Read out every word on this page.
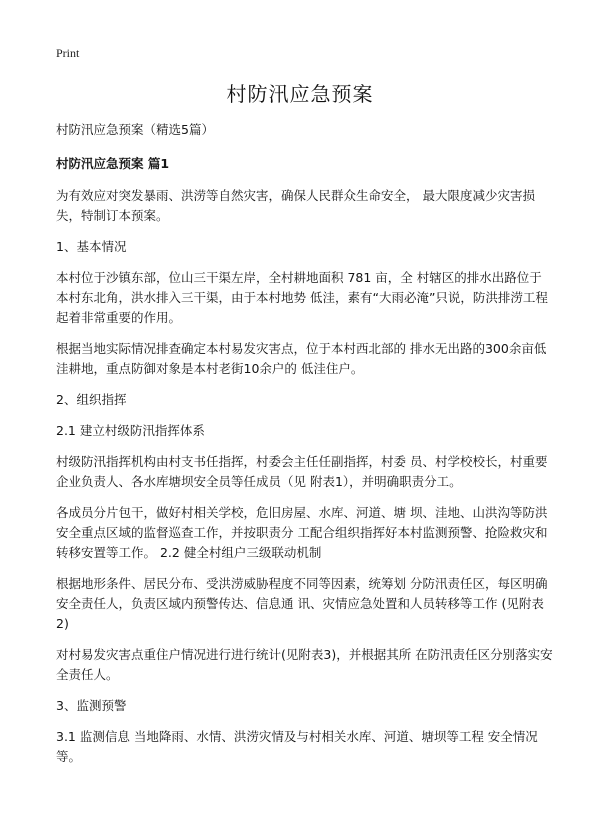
Print
村防汛应急预案
村防汛应急预案（精选5篇）
村防汛应急预案 篇1
为有效应对突发暴雨、洪涝等自然灾害，确保人民群众生命安全， 最大限度减少灾害损失，特制订本预案。
1、基本情况
本村位于沙镇东部，位山三干渠左岸，全村耕地面积 781 亩，全 村辖区的排水出路位于本村东北角，洪水排入三干渠，由于本村地势 低洼，素有“大雨必淹”只说，防洪排涝工程起着非常重要的作用。
根据当地实际情况排查确定本村易发灾害点，位于本村西北部的 排水无出路的300余亩低洼耕地，重点防御对象是本村老街10余户的 低洼住户。
2、组织指挥
2.1 建立村级防汛指挥体系
村级防汛指挥机构由村支书任指挥，村委会主任任副指挥，村委 员、村学校校长，村重要企业负责人、各水库塘坝安全员等任成员（见 附表1），并明确职责分工。
各成员分片包干，做好村相关学校，危旧房屋、水库、河道、塘 坝、洼地、山洪沟等防洪安全重点区域的监督巡查工作，并按职责分 工配合组织指挥好本村监测预警、抢险救灾和转移安置等工作。 2.2 健全村组户三级联动机制
根据地形条件、居民分布、受洪涝威胁程度不同等因素，统筹划 分防汛责任区，每区明确安全责任人，负责区域内预警传达、信息通 讯、灾情应急处置和人员转移等工作 (见附表2)
对村易发灾害点重住户情况进行进行统计(见附表3)，并根据其所 在防汛责任区分别落实安全责任人。
3、监测预警
3.1 监测信息 当地降雨、水情、洪涝灾情及与村相关水库、河道、塘坝等工程 安全情况等。
